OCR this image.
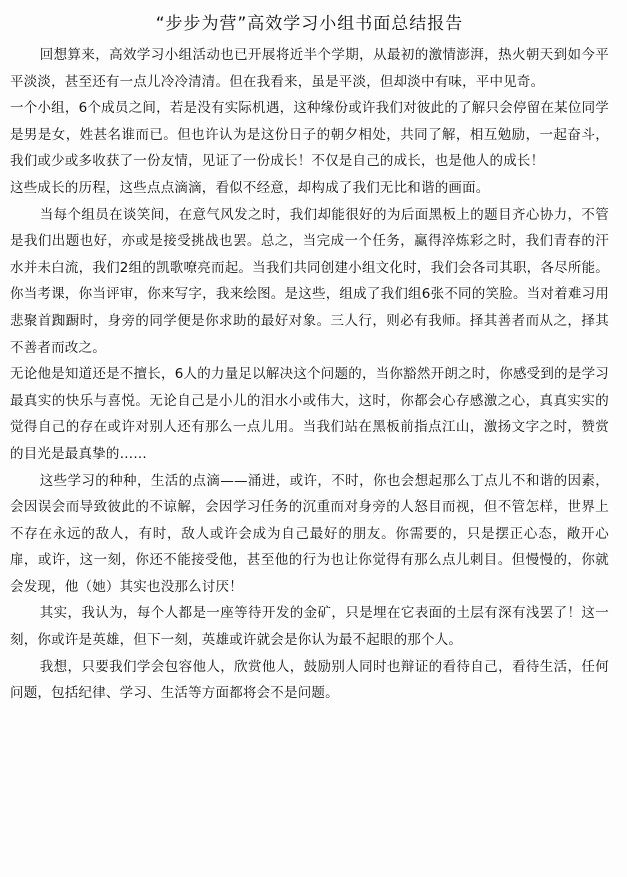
“步步为营”高效学习小组书面总结报告

回想算来，高效学习小组活动也已开展将近半个学期，从最初的激情澎湃，热火朝天到如今平平淡淡，甚至还有一点儿冷冷清清。但在我看来，虽是平淡，但却淡中有味，平中见奇。

一个小组，6个成员之间，若是没有实际机遇，这种缘份或许我们对彼此的了解只会停留在某位同学是男是女，姓甚名谁而已。但也许认为是这份日子的朝夕相处，共同了解，相互勉励，一起奋斗，我们或少或多收获了一份友情，见证了一份成长！不仅是自己的成长，也是他人的成长！

这些成长的历程，这些点点滴滴，看似不经意，却构成了我们无比和谐的画面。

当每个组员在谈笑间，在意气风发之时，我们却能很好的为后面黑板上的题目齐心协力，不管是我们出题也好，亦或是接受挑战也罢。总之，当完成一个任务，赢得淬炼彩之时，我们青春的汗水并未白流，我们2组的凯歌嘹亮而起。当我们共同创建小组文化时，我们会各司其职，各尽所能。你当考课，你当评审，你来写字，我来绘图。是这些，组成了我们组6张不同的笑脸。当对着难习用悲聚首踟蹰时，身旁的同学便是你求助的最好对象。三人行，则必有我师。择其善者而从之，择其不善者而改之。

无论他是知道还是不擅长，6人的力量足以解决这个问题的，当你豁然开朗之时，你感受到的是学习最真实的快乐与喜悦。无论自己是小儿的泪水小或伟大，这时，你都会心存感激之心，真真实实的觉得自己的存在或许对别人还有那么一点儿用。当我们站在黑板前指点江山，激扬文字之时，赞赏的目光是最真挚的……

这些学习的种种，生活的点滴——涌进，或许，不时，你也会想起那么丁点儿不和谐的因素，会因误会而导致彼此的不谅解，会因学习任务的沉重而对身旁的人怒目而视，但不管怎样，世界上不存在永远的敌人，有时，敌人或许会成为自己最好的朋友。你需要的，只是摆正心态，敞开心扉，或许，这一刻，你还不能接受他，甚至他的行为也让你觉得有那么点儿刺目。但慢慢的，你就会发现，他（她）其实也没那么讨厌！

其实，我认为，每个人都是一座等待开发的金矿，只是埋在它表面的土层有深有浅罢了！这一刻，你或许是英雄，但下一刻，英雄或许就会是你认为最不起眼的那个人。

我想，只要我们学会包容他人，欣赏他人，鼓励别人同时也辩证的看待自己，看待生活，任何问题，包括纪律、学习、生活等方面都将会不是问题。
